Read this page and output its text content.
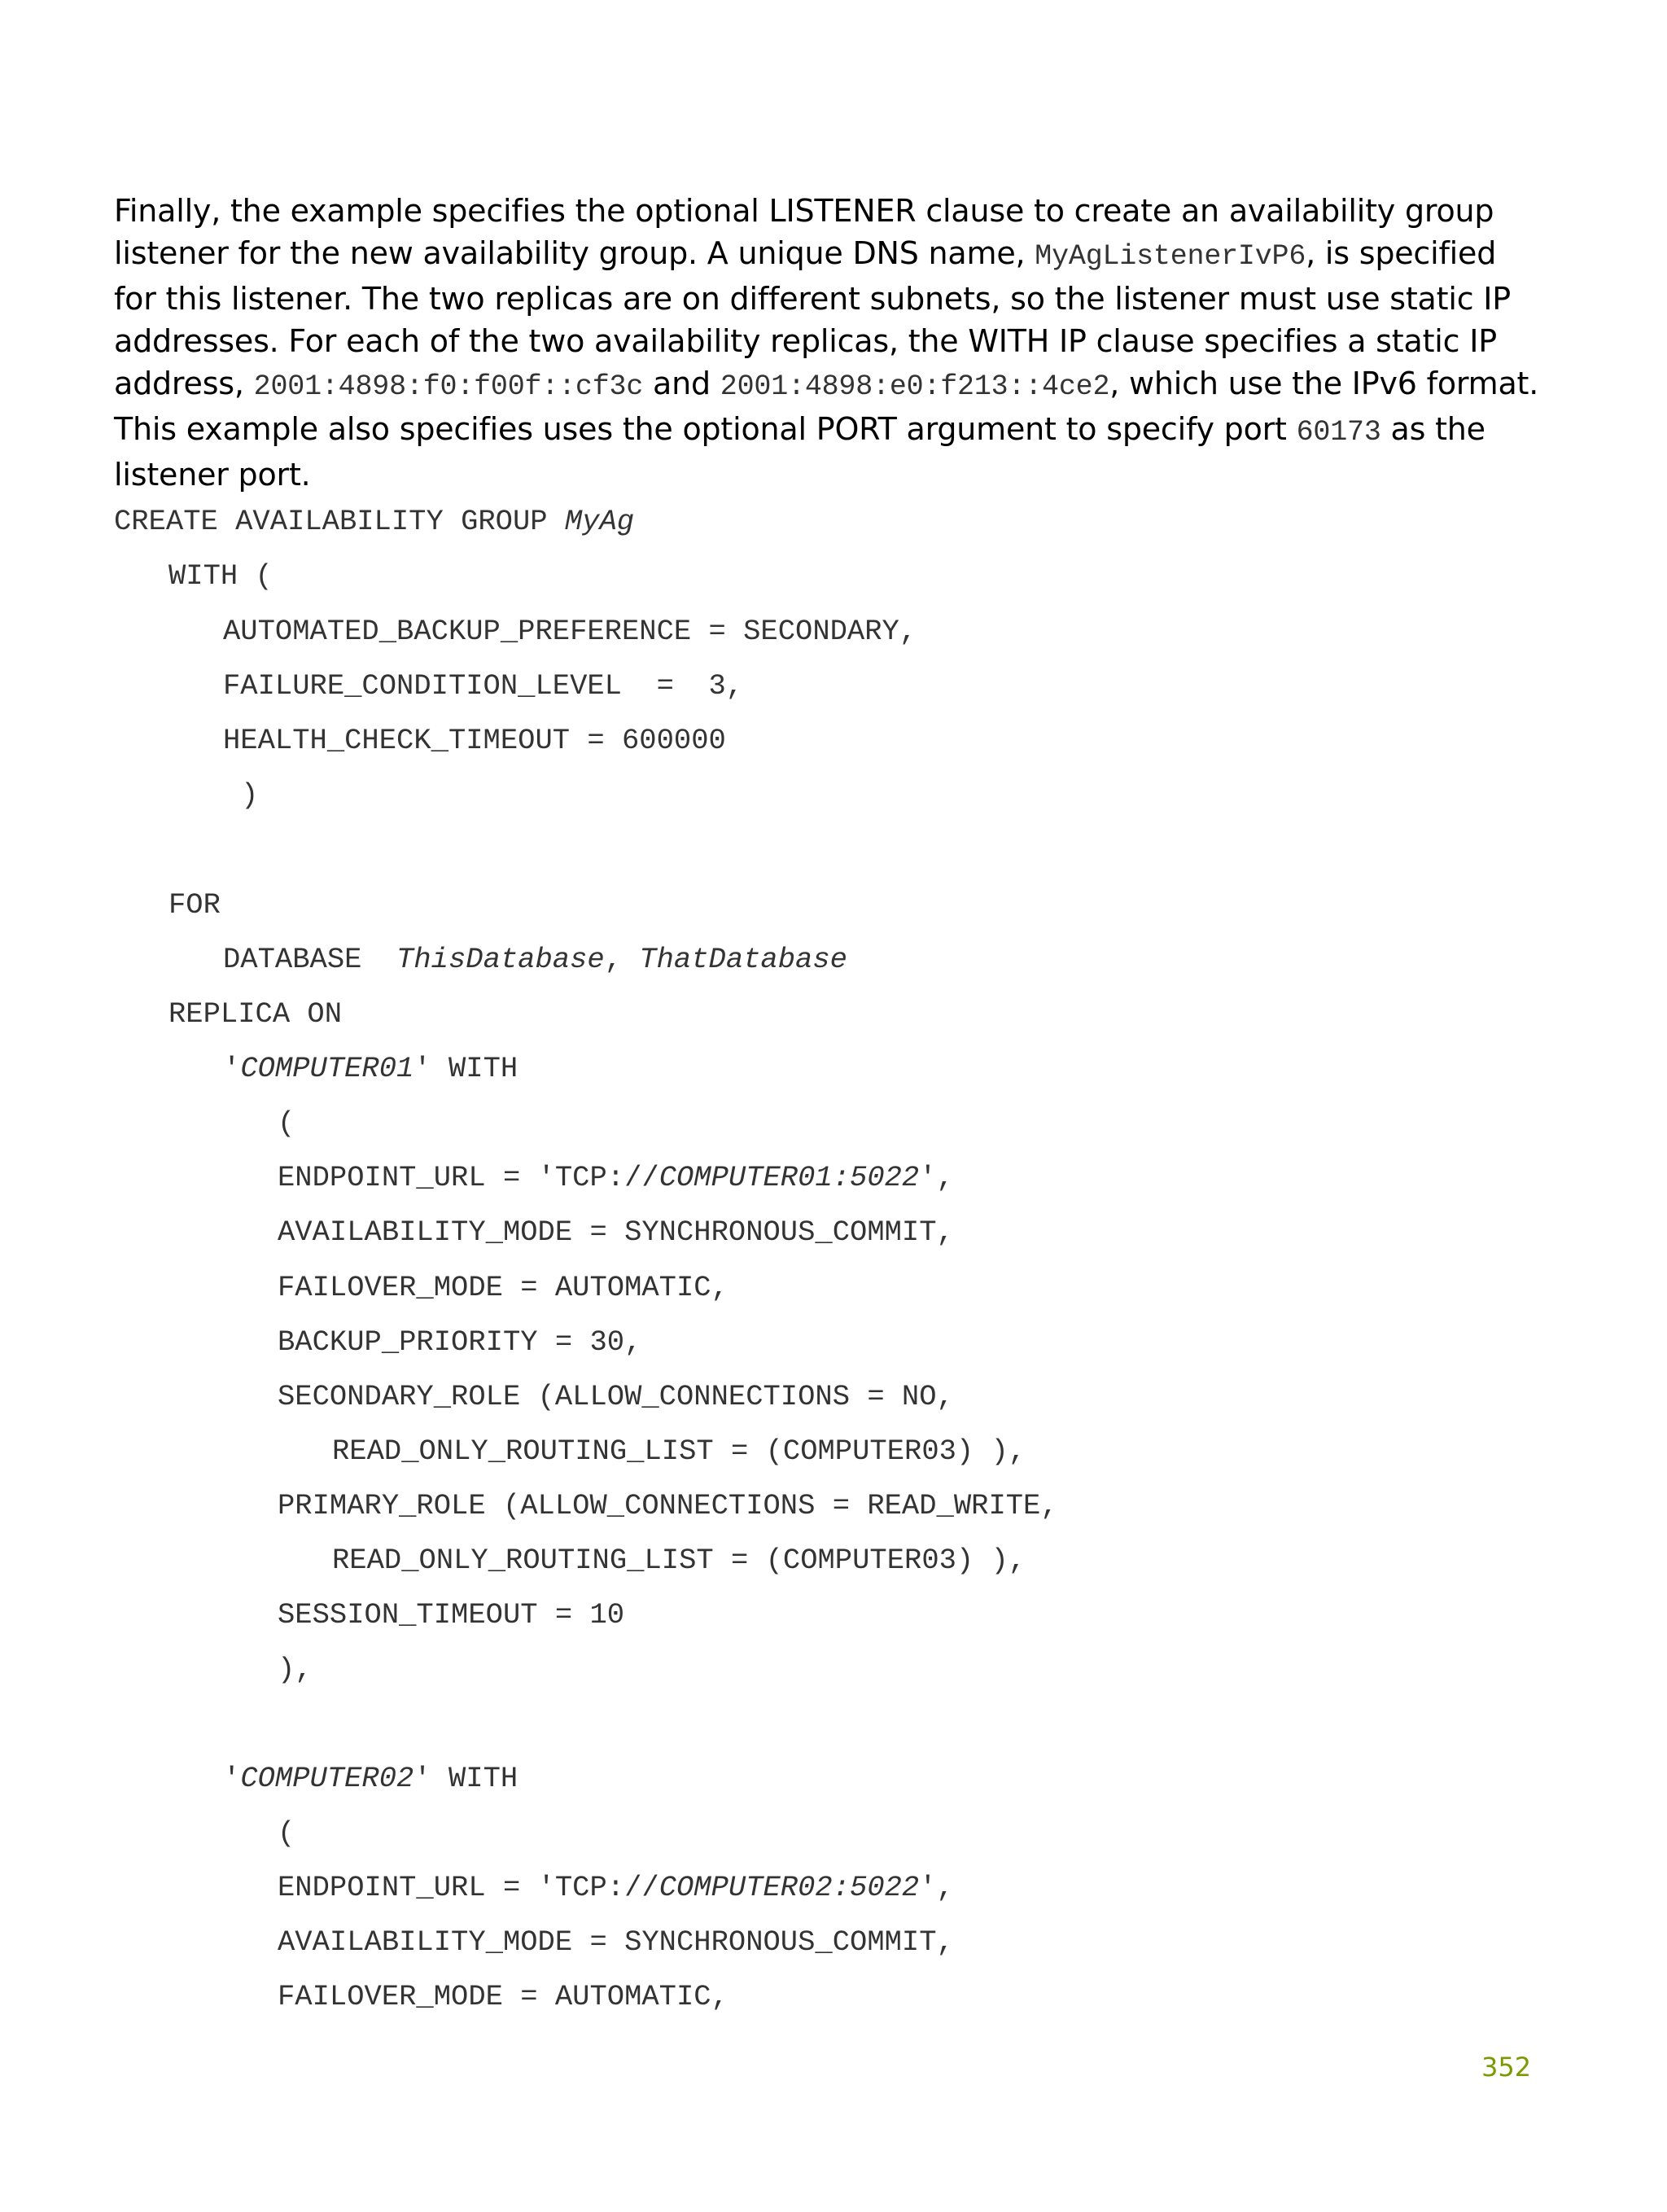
Finally, the example specifies the optional LISTENER clause to create an availability group listener for the new availability group. A unique DNS name, MyAgListenerIvP6, is specified for this listener. The two replicas are on different subnets, so the listener must use static IP addresses. For each of the two availability replicas, the WITH IP clause specifies a static IP address, 2001:4898:f0:f00f::cf3c and 2001:4898:e0:f213::4ce2, which use the IPv6 format. This example also specifies uses the optional PORT argument to specify port 60173 as the listener port.

CREATE AVAILABILITY GROUP MyAg

WITH (

AUTOMATED_BACKUP_PREFERENCE = SECONDARY,

FAILURE_CONDITION_LEVEL  =  3,

HEALTH_CHECK_TIMEOUT = 600000

)

FOR

DATABASE  ThisDatabase, ThatDatabase

REPLICA ON

'COMPUTER01' WITH

(

ENDPOINT_URL = 'TCP://COMPUTER01:5022',

AVAILABILITY_MODE = SYNCHRONOUS_COMMIT,

FAILOVER_MODE = AUTOMATIC,

BACKUP_PRIORITY = 30,

SECONDARY_ROLE (ALLOW_CONNECTIONS = NO,

READ_ONLY_ROUTING_LIST = (COMPUTER03) ),

PRIMARY_ROLE (ALLOW_CONNECTIONS = READ_WRITE,

READ_ONLY_ROUTING_LIST = (COMPUTER03) ),

SESSION_TIMEOUT = 10

),

'COMPUTER02' WITH

(

ENDPOINT_URL = 'TCP://COMPUTER02:5022',

AVAILABILITY_MODE = SYNCHRONOUS_COMMIT,

FAILOVER_MODE = AUTOMATIC,

352
